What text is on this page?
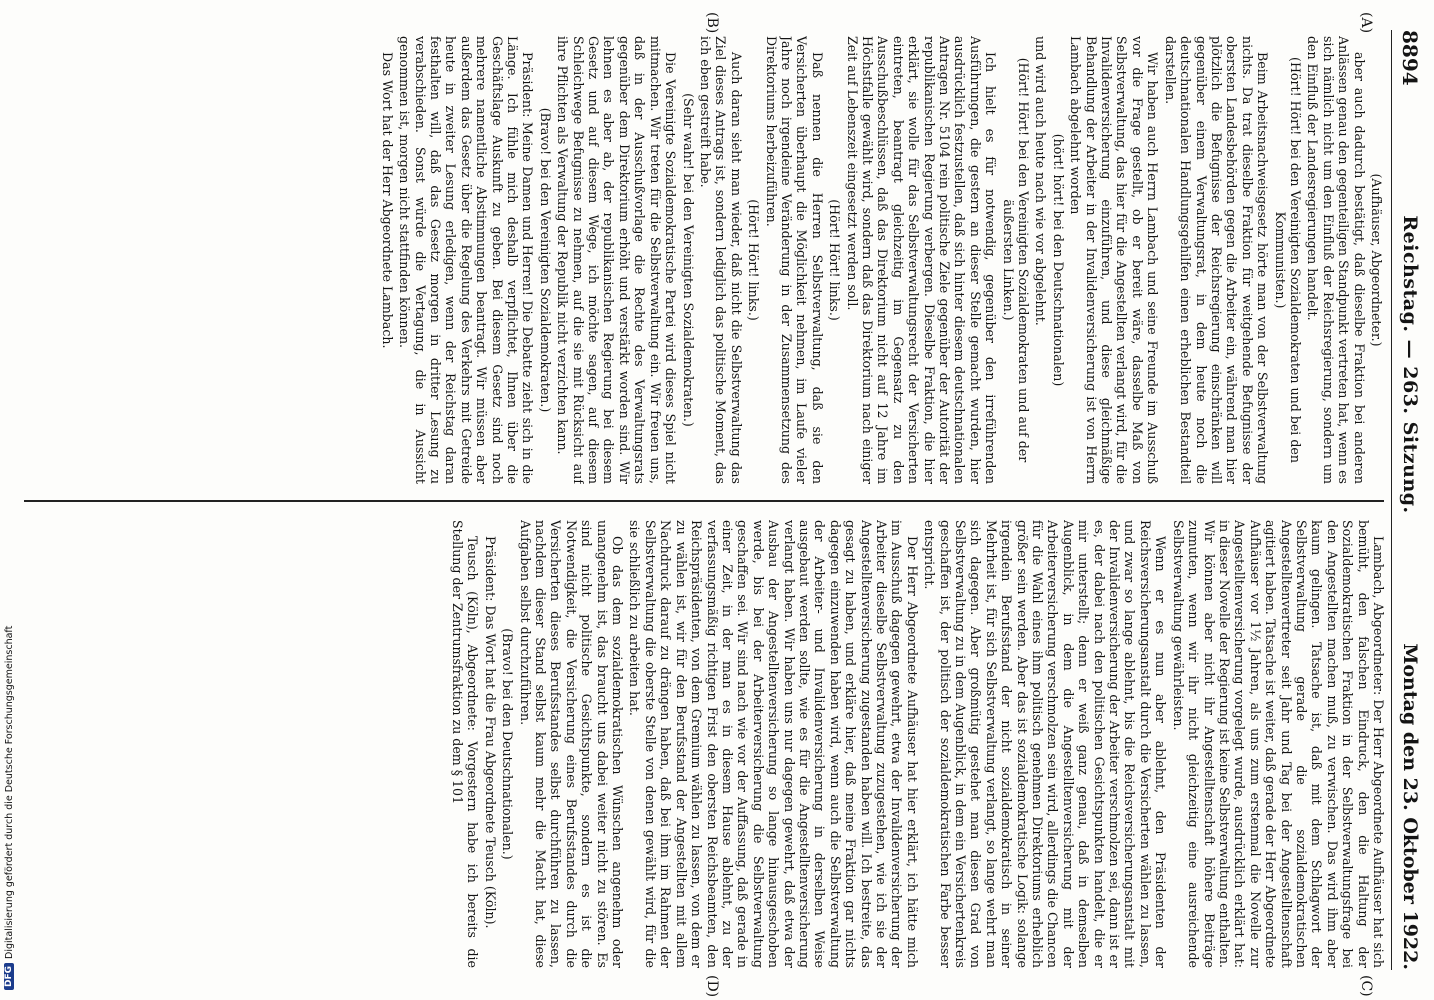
8894
Reichstag. — 263. Sitzung.
Montag den 23. Oktober 1922.
(A)
(B)
(C)
(D)

(Aufhäuser, Abgeordneter.)

aber auch dadurch bestätigt, daß dieselbe Fraktion bei anderen Anlässen genau den gegenteiligen Standpunkt vertreten hat, wenn es sich nämlich nicht um den Einfluß der Reichsregierung, sondern um den Einfluß der Landesregierungen handelt.

(Hört! Hört! bei den Vereinigten Sozialdemokraten und bei den Kommunisten.)

Beim Arbeitsnachweisgesetz hörte man von der Selbstverwaltung nichts. Da trat dieselbe Fraktion für weitgehende Befugnisse der obersten Landesbehörden gegen die Arbeiter ein, während man hier plötzlich die Befugnisse der Reichsregierung einschränken will gegenüber einem Verwaltungsrat, in dem heute noch die deutschnationalen Handlungsgehilfen einen erheblichen Bestandteil darstellen.

Wir haben auch Herrn Lambach und seine Freunde im Ausschuß vor die Frage gestellt, ob er bereit wäre, dasselbe Maß von Selbstverwaltung, das hier für die Angestellten verlangt wird, für die Invalidenversicherung einzuführen, und diese gleichmäßige Behandlung der Arbeiter in der Invalidenversicherung ist von Herrn Lambach abgelehnt worden

(hört! hört! bei den Deutschnationalen)

und wird auch heute nach wie vor abgelehnt.

(Hört! Hört! bei den Vereinigten Sozialdemokraten und auf der äußersten Linken.)

Ich hielt es für notwendig, gegenüber den irreführenden Ausführungen, die gestern an dieser Stelle gemacht wurden, hier ausdrücklich festzustellen, daß sich hinter diesem deutschnationalen Antragen Nr. 5104 rein politische Ziele gegenüber der Autorität der republikanischen Regierung verbergen. Dieselbe Fraktion, die hier erklärt, sie wolle für das Selbstverwaltungsrecht der Versicherten eintreten, beantragt gleichzeitig im Gegensatz zu den Ausschußbeschlüssen, daß das Direktorium nicht auf 12 Jahre im Höchstfalle gewählt wird, sondern daß das Direktorium nach einiger Zeit auf Lebenszeit eingesetzt werden soll.

(Hört! Hört! links.)

Daß nennen die Herren Selbstverwaltung, daß sie den Versicherten überhaupt die Möglichkeit nehmen, im Laufe vieler Jahre noch irgendeine Veränderung in der Zusammensetzung des Direktoriums herbeizuführen.

(Hört! Hört! links.)

Auch daran sieht man wieder, daß nicht die Selbstverwaltung das Ziel dieses Antrags ist, sondern lediglich das politische Moment, das ich eben gestreift habe.

(Sehr wahr! bei den Vereinigten Sozialdemokraten.)

Die Vereinigte Sozialdemokratische Partei wird dieses Spiel nicht mitmachen. Wir treten für die Selbstverwaltung ein. Wir freuen uns, daß in der Ausschußvorlage die Rechte des Verwaltungsrats gegenüber dem Direktorium erhöht und verstärkt worden sind. Wir lehnen es aber ab, der republikanischen Regierung bei diesem Gesetz und auf diesem Wege, ich möchte sagen, auf diesem Schleichwege Befugnisse zu nehmen, auf die sie mit Rücksicht auf ihre Pflichten als Verwaltung der Republik nicht verzichten kann.

(Bravo! bei den Vereinigten Sozialdemokraten.)

Präsident: Meine Damen und Herren! Die Debatte zieht sich in die Länge. Ich fühle mich deshalb verpflichtet, Ihnen über die Geschäftslage Auskunft zu geben. Bei diesem Gesetz sind noch mehrere namentliche Abstimmungen beantragt. Wir müssen aber außerdem das Gesetz über die Regelung des Verkehrs mit Getreide heute in zweiter Lesung erledigen, wenn der Reichstag daran festhalten will, daß das Gesetz morgen in dritter Lesung zu verabschieden. Sonst würde die Vertagung, die in Aussicht genommen ist, morgen nicht stattfinden können.

Das Wort hat der Herr Abgeordnete Lambach.

Lambach, Abgeordneter: Der Herr Abgeordnete Aufhäuser hat sich bemüht, den falschen Eindruck, den die Haltung der Sozialdemokratischen Fraktion in der Selbstverwaltungsfrage bei den Angestellten machen muß, zu verwischen. Das wird ihm aber kaum gelingen. Tatsache ist, daß mit dem Schlagwort der Selbstverwaltung gerade die sozialdemokratischen Angestelltenvertreter seit Jahr und Tag bei der Angestelltenschaft agitiert haben. Tatsache ist weiter, daß gerade der Herr Abgeordnete Aufhäuser vor 1½ Jahren, als uns zum erstenmal die Novelle zur Angestelltenversicherung vorgelegt wurde, ausdrücklich erklärt hat: in dieser Novelle der Regierung ist keine Selbstverwaltung enthalten. Wir können aber nicht ihr Angestelltenschaft höhere Beiträge zumuten, wenn wir ihr nicht gleichzeitig eine ausreichende Selbstverwaltung gewährleisten.

Wenn er es nun aber ablehnt, den Präsidenten der Reichsversicherungsanstalt durch die Versicherten wählen zu lassen, und zwar so lange ablehnt, bis die Reichsversicherungsanstalt mit der Invalidenversicherung der Arbeiter verschmolzen sei, dann ist er es, der dabei nach den politischen Gesichtspunkten handelt, die er mir unterstellt; denn er weiß ganz genau, daß in demselben Augenblick, in dem die Angestelltenversicherung mit der Arbeiterversicherung verschmolzen sein wird, allerdings die Chancen für die Wahl eines ihm politisch genehmen Direktoriums erheblich größer sein werden. Aber das ist sozialdemokratische Logik: solange irgendein Berufsstand der nicht sozialdemokratisch in seiner Mehrheit ist, für sich Selbstverwaltung verlangt, so lange wehrt man sich dagegen. Aber großmütig gestehet man diesen Grad von Selbstverwaltung zu in dem Augenblick, in dem ein Versichertenkreis geschaffen ist, der politisch der sozialdemokratischen Farbe besser entspricht.

Der Herr Abgeordnete Aufhäuser hat hier erklärt, ich hätte mich im Ausschuß dagegen gewehrt, etwa der Invalidenversicherung der Arbeiter dieselbe Selbstverwaltung zuzugestehen, wie ich sie der Angestelltenversicherung zugestanden haben will. Ich bestreite, das gesagt zu haben, und erkläre hier, daß meine Fraktion gar nichts dagegen einzuwenden haben wird, wenn auch die Selbstverwaltung der Arbeiter- und Invalidenversicherung in derselben Weise ausgebaut werden sollte, wie es für die Angestelltenversicherung verlangt haben. Wir haben uns nur dagegen gewehrt, daß etwa der Ausbau der Angestelltenversicherung so lange hinausgeschoben werde, bis bei der Arbeiterversicherung die Selbstverwaltung geschaffen sei. Wir sind nach wie vor der Auffassung, daß gerade in einer Zeit, in der man es in diesem Hause ablehnt, zu der verfassungsmäßig richtigen Frist den obersten Reichsbeamten, den Reichspräsidenten, von dem Gremium wählen zu lassen, von dem er zu wählen ist, wir für den Berufsstand der Angestellten mit allem Nachdruck darauf zu drängen haben, daß bei ihm im Rahmen der Selbstverwaltung die oberste Stelle von denen gewählt wird, für die sie schließlich zu arbeiten hat.

Ob das dem sozialdemokratischen Wünschen angenehm oder unangenehm ist, das braucht uns dabei weiter nicht zu stören. Es sind nicht politische Gesichtspunkte, sondern es ist die Notwendigkeit, die Versicherung eines Berufsstandes durch die Versicherten dieses Berufsstandes selbst durchführen zu lassen, nachdem dieser Stand selbst kaum mehr die Macht hat, diese Aufgaben selbst durchzuführen.

(Bravo! bei den Deutschnationalen.)

Präsident: Das Wort hat die Frau Abgeordnete Teusch (Köln).

Teusch (Köln), Abgeordnete: Vorgestern habe ich bereits die Stellung der Zentrumsfraktion zu dem § 101

DFG
Digitalisierung gefördert durch die Deutsche Forschungsgemeinschaft
